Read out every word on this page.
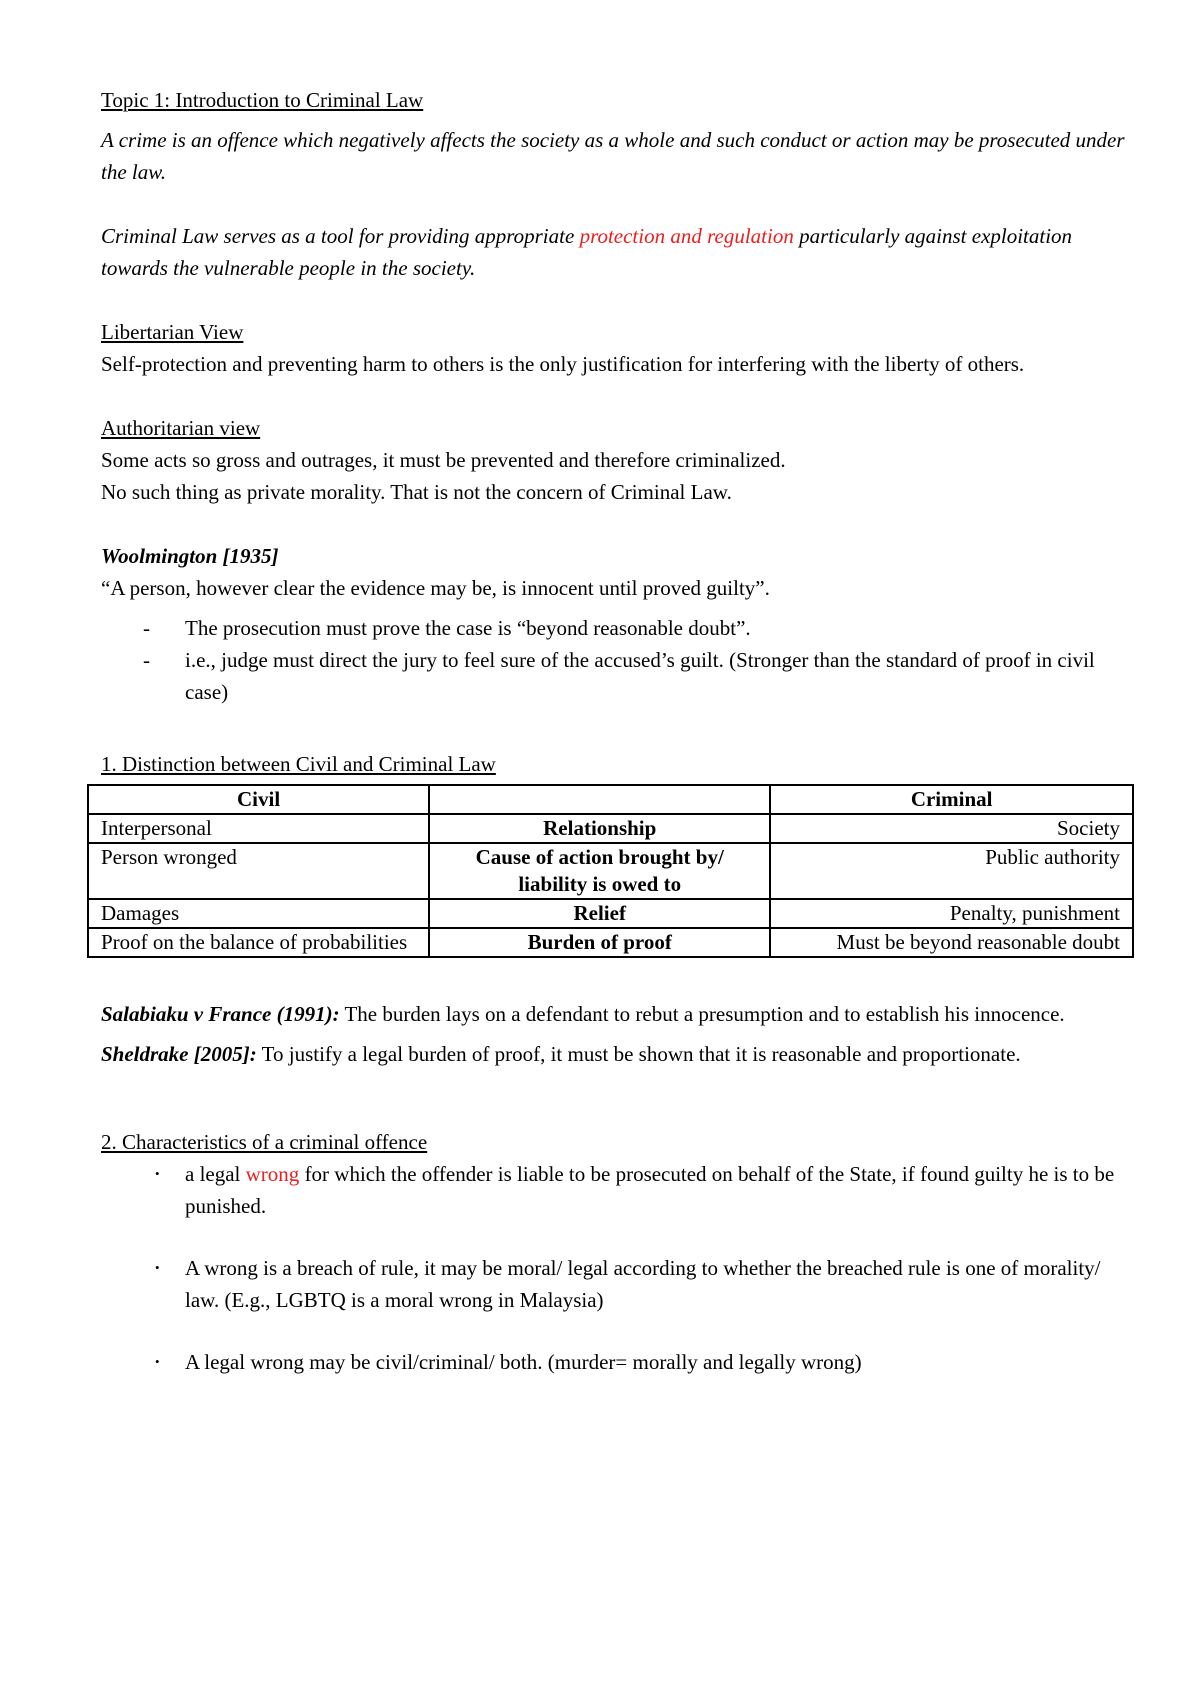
Topic 1: Introduction to Criminal Law

A crime is an offence which negatively affects the society as a whole and such conduct or action may be prosecuted under the law.

Criminal Law serves as a tool for providing appropriate protection and regulation particularly against exploitation towards the vulnerable people in the society.

Libertarian View

Self-protection and preventing harm to others is the only justification for interfering with the liberty of others.

Authoritarian view

Some acts so gross and outrages, it must be prevented and therefore criminalized.

No such thing as private morality. That is not the concern of Criminal Law.

Woolmington [1935]

“A person, however clear the evidence may be, is innocent until proved guilty”.

- The prosecution must prove the case is “beyond reasonable doubt”.
- i.e., judge must direct the jury to feel sure of the accused’s guilt. (Stronger than the standard of proof in civil case)

1. Distinction between Civil and Criminal Law

Civil		Criminal
Interpersonal	Relationship	Society
Person wronged	Cause of action brought by/ liability is owed to	Public authority
Damages	Relief	Penalty, punishment
Proof on the balance of probabilities	Burden of proof	Must be beyond reasonable doubt

Salabiaku v France (1991): The burden lays on a defendant to rebut a presumption and to establish his innocence.

Sheldrake [2005]: To justify a legal burden of proof, it must be shown that it is reasonable and proportionate.

2. Characteristics of a criminal offence

• a legal wrong for which the offender is liable to be prosecuted on behalf of the State, if found guilty he is to be punished.
• A wrong is a breach of rule, it may be moral/ legal according to whether the breached rule is one of morality/ law. (E.g., LGBTQ is a moral wrong in Malaysia)
• A legal wrong may be civil/criminal/ both. (murder= morally and legally wrong)
